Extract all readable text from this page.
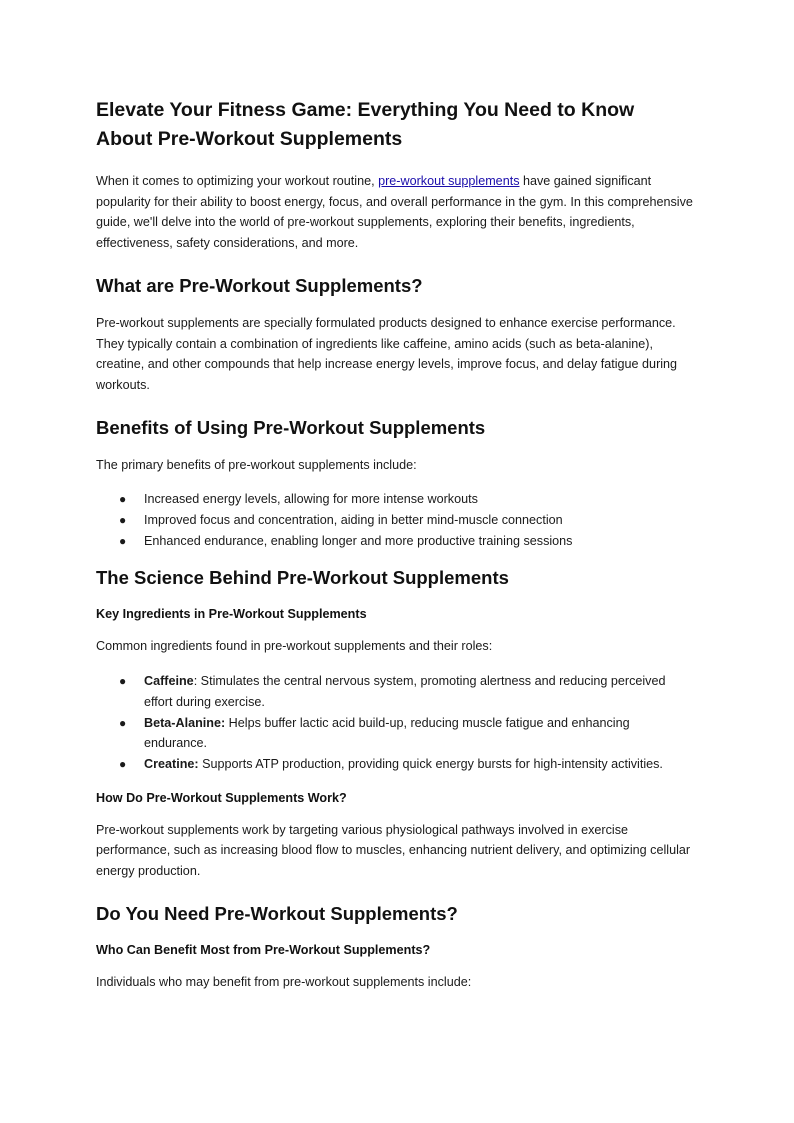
Elevate Your Fitness Game: Everything You Need to Know About Pre-Workout Supplements

When it comes to optimizing your workout routine, pre-workout supplements have gained significant popularity for their ability to boost energy, focus, and overall performance in the gym. In this comprehensive guide, we'll delve into the world of pre-workout supplements, exploring their benefits, ingredients, effectiveness, safety considerations, and more.

What are Pre-Workout Supplements?

Pre-workout supplements are specially formulated products designed to enhance exercise performance. They typically contain a combination of ingredients like caffeine, amino acids (such as beta-alanine), creatine, and other compounds that help increase energy levels, improve focus, and delay fatigue during workouts.

Benefits of Using Pre-Workout Supplements

The primary benefits of pre-workout supplements include:

● Increased energy levels, allowing for more intense workouts
● Improved focus and concentration, aiding in better mind-muscle connection
● Enhanced endurance, enabling longer and more productive training sessions
The Science Behind Pre-Workout Supplements
Key Ingredients in Pre-Workout Supplements

Common ingredients found in pre-workout supplements and their roles:

● Caffeine: Stimulates the central nervous system, promoting alertness and reducing perceived effort during exercise.
● Beta-Alanine: Helps buffer lactic acid build-up, reducing muscle fatigue and enhancing endurance.
● Creatine: Supports ATP production, providing quick energy bursts for high-intensity activities.
How Do Pre-Workout Supplements Work?

Pre-workout supplements work by targeting various physiological pathways involved in exercise performance, such as increasing blood flow to muscles, enhancing nutrient delivery, and optimizing cellular energy production.

Do You Need Pre-Workout Supplements?
Who Can Benefit Most from Pre-Workout Supplements?

Individuals who may benefit from pre-workout supplements include:
